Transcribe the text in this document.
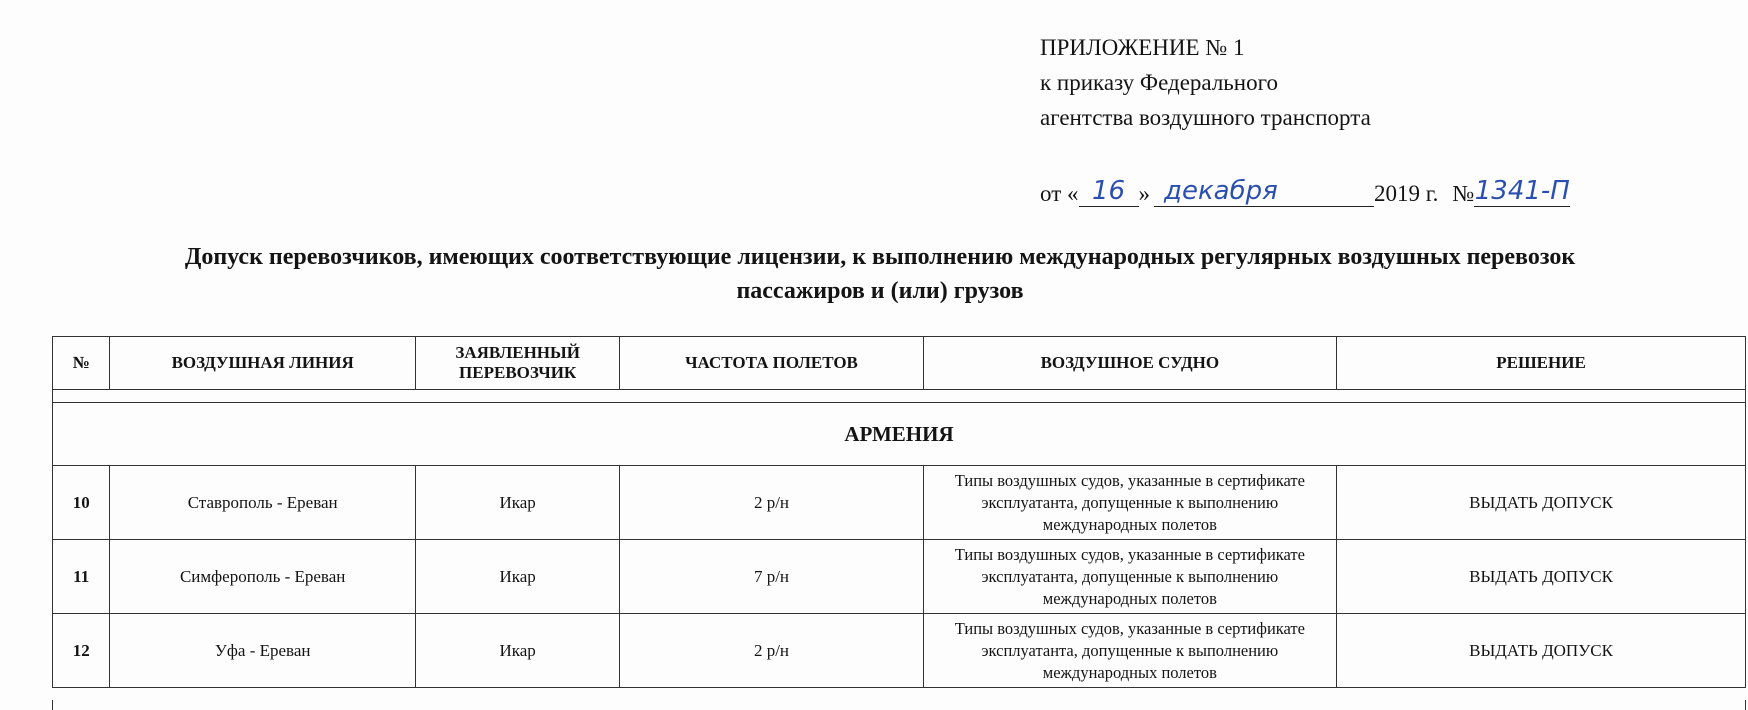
ПРИЛОЖЕНИЕ № 1
к приказу Федерального
агентства воздушного транспорта
от « 16 » декабря	2019 г. №1341-П
Допуск перевозчиков, имеющих соответствующие лицензии, к выполнению международных регулярных воздушных перевозок пассажиров и (или) грузов
№	ВОЗДУШНАЯ ЛИНИЯ	ЗАЯВЛЕННЫЙ ПЕРЕВОЗЧИК	ЧАСТОТА ПОЛЕТОВ	ВОЗДУШНОЕ СУДНО	РЕШЕНИЕ

АРМЕНИЯ					
10	Ставрополь - Ереван	Икар	2 р/н	Типы воздушных судов, указанные в сертификате эксплуатанта, допущенные к выполнению международных полетов	ВЫДАТЬ ДОПУСК
11	Симферополь - Ереван	Икар	7 р/н	Типы воздушных судов, указанные в сертификате эксплуатанта, допущенные к выполнению международных полетов	ВЫДАТЬ ДОПУСК
12	Уфа - Ереван	Икар	2 р/н	Типы воздушных судов, указанные в сертификате эксплуатанта, допущенные к выполнению международных полетов	ВЫДАТЬ ДОПУСК
